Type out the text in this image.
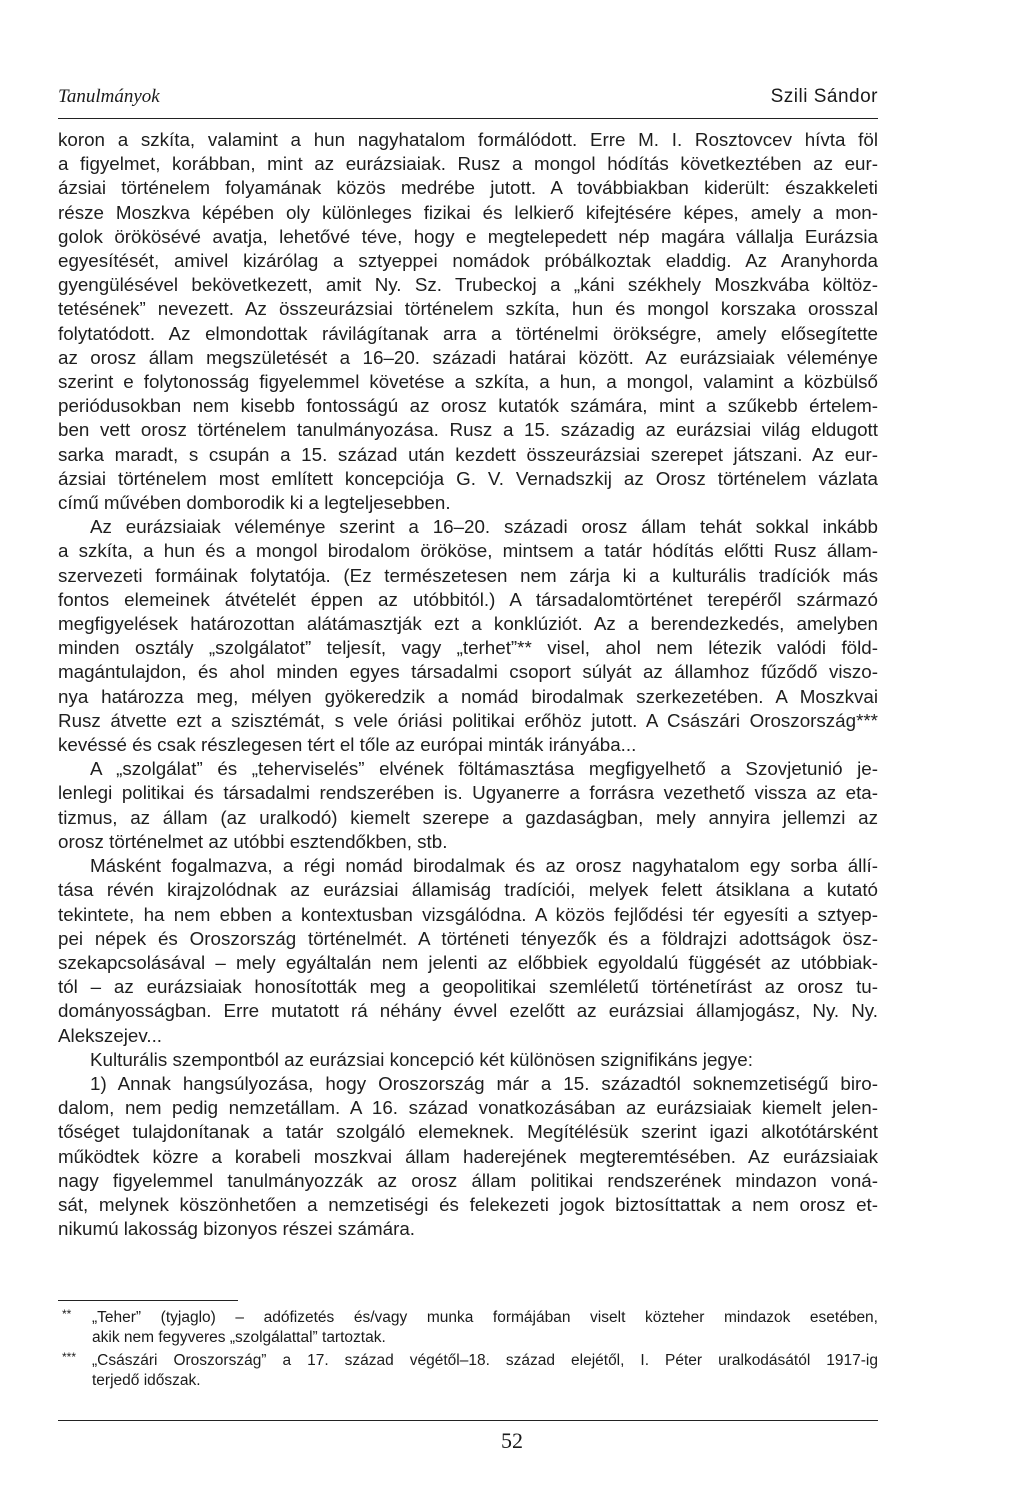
Tanulmányok	Szili Sándor
koron a szkíta, valamint a hun nagyhatalom formálódott. Erre M. I. Rosztovcev hívta föl
a figyelmet, korábban, mint az eurázsiaiak. Rusz a mongol hódítás következtében az eur-
ázsiai történelem folyamának közös medrébe jutott. A továbbiakban kiderült: északkeleti
része Moszkva képében oly különleges fizikai és lelkierő kifejtésére képes, amely a mon-
golok örökösévé avatja, lehetővé téve, hogy e megtelepedett nép magára vállalja Eurázsia
egyesítését, amivel kizárólag a sztyeppei nomádok próbálkoztak eladdig. Az Aranyhorda
gyengülésével bekövetkezett, amit Ny. Sz. Trubeckoj a „káni székhely Moszkvába költöz-
tetésének” nevezett. Az összeurázsiai történelem szkíta, hun és mongol korszaka orosszal
folytatódott. Az elmondottak rávilágítanak arra a történelmi örökségre, amely elősegítette
az orosz állam megszületését a 16–20. századi határai között. Az eurázsiaiak véleménye
szerint e folytonosság figyelemmel követése a szkíta, a hun, a mongol, valamint a közbülső
periódusokban nem kisebb fontosságú az orosz kutatók számára, mint a szűkebb értelem-
ben vett orosz történelem tanulmányozása. Rusz a 15. századig az eurázsiai világ eldugott
sarka maradt, s csupán a 15. század után kezdett összeurázsiai szerepet játszani. Az eur-
ázsiai történelem most említett koncepciója G. V. Vernadszkij az Orosz történelem vázlata
című művében domborodik ki a legteljesebben.
Az eurázsiaiak véleménye szerint a 16–20. századi orosz állam tehát sokkal inkább
a szkíta, a hun és a mongol birodalom örököse, mintsem a tatár hódítás előtti Rusz állam-
szervezeti formáinak folytatója. (Ez természetesen nem zárja ki a kulturális tradíciók más
fontos elemeinek átvételét éppen az utóbbitól.) A társadalomtörténet terepéről származó
megfigyelések határozottan alátámasztják ezt a konklúziót. Az a berendezkedés, amelyben
minden osztály „szolgálatot” teljesít, vagy „terhet”** visel, ahol nem létezik valódi föld-
magántulajdon, és ahol minden egyes társadalmi csoport súlyát az államhoz fűződő viszo-
nya határozza meg, mélyen gyökeredzik a nomád birodalmak szerkezetében. A Moszkvai
Rusz átvette ezt a szisztémát, s vele óriási politikai erőhöz jutott. A Császári Oroszország***
kevéssé és csak részlegesen tért el tőle az európai minták irányába...
A „szolgálat” és „teherviselés” elvének föltámasztása megfigyelhető a Szovjetunió je-
lenlegi politikai és társadalmi rendszerében is. Ugyanerre a forrásra vezethető vissza az eta-
tizmus, az állam (az uralkodó) kiemelt szerepe a gazdaságban, mely annyira jellemzi az
orosz történelmet az utóbbi esztendőkben, stb.
Másként fogalmazva, a régi nomád birodalmak és az orosz nagyhatalom egy sorba állí-
tása révén kirajzolódnak az eurázsiai államiság tradíciói, melyek felett átsiklana a kutató
tekintete, ha nem ebben a kontextusban vizsgálódna. A közös fejlődési tér egyesíti a sztyep-
pei népek és Oroszország történelmét. A történeti tényezők és a földrajzi adottságok ösz-
szekapcsolásával – mely egyáltalán nem jelenti az előbbiek egyoldalú függését az utóbbiak-
tól – az eurázsiaiak honosították meg a geopolitikai szemléletű történetírást az orosz tu-
dományosságban. Erre mutatott rá néhány évvel ezelőtt az eurázsiai államjogász, Ny. Ny.
Alekszejev...
Kulturális szempontból az eurázsiai koncepció két különösen szignifikáns jegye:
1) Annak hangsúlyozása, hogy Oroszország már a 15. századtól soknemzetiségű biro-
dalom, nem pedig nemzetállam. A 16. század vonatkozásában az eurázsiaiak kiemelt jelen-
tőséget tulajdonítanak a tatár szolgáló elemeknek. Megítélésük szerint igazi alkotótársként
működtek közre a korabeli moszkvai állam haderejének megteremtésében. Az eurázsiaiak
nagy figyelemmel tanulmányozzák az orosz állam politikai rendszerének mindazon voná-
sát, melynek köszönhetően a nemzetiségi és felekezeti jogok biztosíttattak a nem orosz et-
nikumú lakosság bizonyos részei számára.
52
** „Teher” (tyjaglo) – adófizetés és/vagy munka formájában viselt közteher mindazok esetében,
akik nem fegyveres „szolgálattal” tartoztak.
*** „Császári Oroszország” a 17. század végétől–18. század elejétől, I. Péter uralkodásától 1917-ig
terjedő időszak.
